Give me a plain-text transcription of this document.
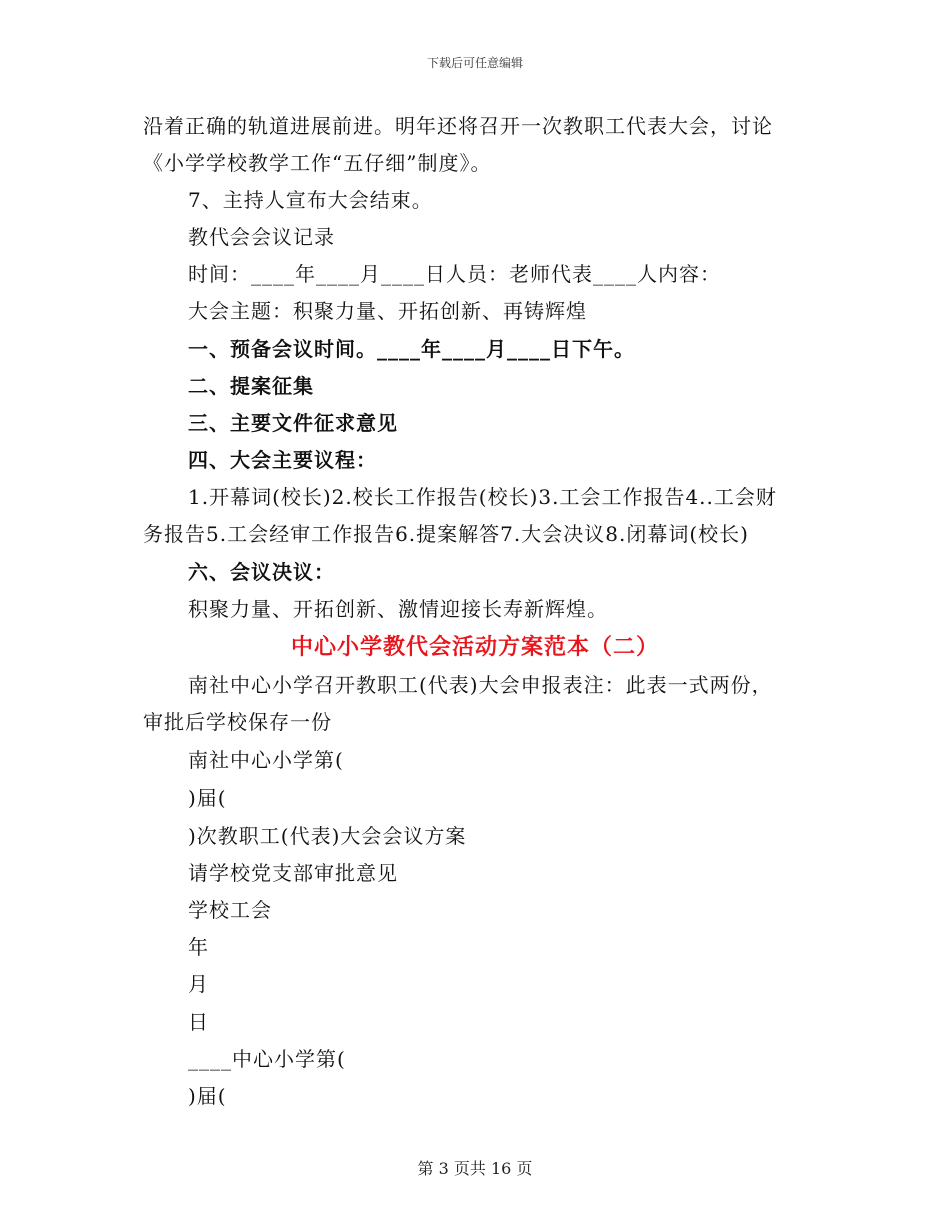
下载后可任意编辑
沿着正确的轨道进展前进。明年还将召开一次教职工代表大会，讨论
《小学学校教学工作“五仔细”制度》。
7、主持人宣布大会结束。
教代会会议记录
时间：____年____月____日人员：老师代表____人内容：
大会主题：积聚力量、开拓创新、再铸辉煌
一、预备会议时间。____年____月____日下午。
二、提案征集
三、主要文件征求意见
四、大会主要议程：
1.开幕词(校长)2.校长工作报告(校长)3.工会工作报告4..工会财
务报告5.工会经审工作报告6.提案解答7.大会决议8.闭幕词(校长)
六、会议决议：
积聚力量、开拓创新、激情迎接长寿新辉煌。
中心小学教代会活动方案范本（二）
南社中心小学召开教职工(代表)大会申报表注：此表一式两份，
审批后学校保存一份
南社中心小学第(
)届(
)次教职工(代表)大会会议方案
请学校党支部审批意见
学校工会
年
月
日
____中心小学第(
)届(
第 3 页共 16 页
